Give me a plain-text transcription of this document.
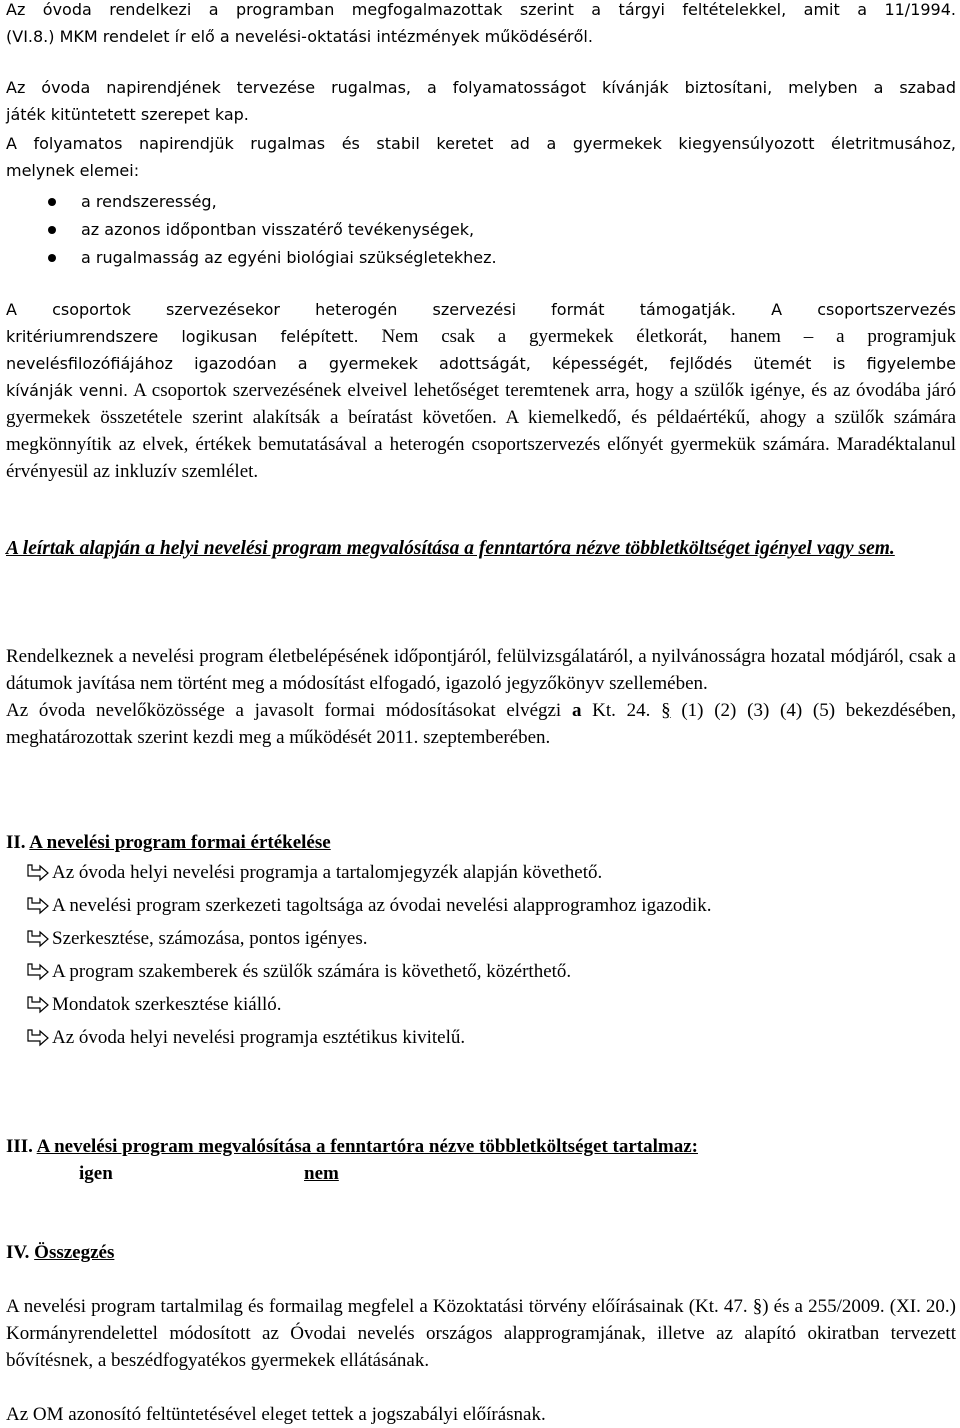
Az óvoda rendelkezi a programban megfogalmazottak szerint a tárgyi feltételekkel, amit a 11/1994.
(VI.8.) MKM rendelet ír elő a nevelési-oktatási intézmények működéséről.
Az óvoda napirendjének tervezése rugalmas, a folyamatosságot kívánják biztosítani, melyben a szabad
játék kitüntetett szerepet kap.
A folyamatos napirendjük rugalmas és stabil keretet ad a gyermekek kiegyensúlyozott életritmusához,
melynek elemei:
a rendszeresség,
az azonos időpontban visszatérő tevékenységek,
a rugalmasság az egyéni biológiai szükségletekhez.
A csoportok szervezésekor heterogén szervezési formát támogatják. A csoportszervezés
kritériumrendszere logikusan felépített. Nem csak a gyermekek életkorát, hanem – a programjuk
nevelésfilozófiájához igazodóan a gyermekek adottságát, képességét, fejlődés ütemét is figyelembe

kívánják venni. A csoportok szervezésének elveivel lehetőséget teremtenek arra, hogy a szülők igénye, és az óvodába járó gyermekek összetétele szerint alakítsák a beíratást követően. A kiemelkedő, és példaértékű, ahogy a szülők számára megkönnyítik az elvek, értékek bemutatásával a heterogén csoportszervezés előnyét gyermekük számára. Maradéktalanul érvényesül az inkluzív szemlélet.

A leírtak alapján a helyi nevelési program megvalósítása a fenntartóra nézve többletköltséget igényel vagy sem.

Rendelkeznek a nevelési program életbelépésének időpontjáról, felülvizsgálatáról, a nyilvánosságra hozatal módjáról, csak a dátumok javítása nem történt meg a módosítást elfogadó, igazoló jegyzőkönyv szellemében.

Az óvoda nevelőközössége a javasolt formai módosításokat elvégzi a Kt. 24. § (1) (2) (3) (4) (5) bekezdésében, meghatározottak szerint kezdi meg a működését 2011. szeptemberében.

II. A nevelési program formai értékelése

Az óvoda helyi nevelési programja a tartalomjegyzék alapján követhető.
A nevelési program szerkezeti tagoltsága az óvodai nevelési alapprogramhoz igazodik.
Szerkesztése, számozása, pontos igényes.
A program szakemberek és szülők számára is követhető, közérthető.
Mondatok szerkesztése kiálló.
Az óvoda helyi nevelési programja esztétikus kivitelű.

III. A nevelési program megvalósítása a fenntartóra nézve többletköltséget tartalmaz:

igen	nem

IV. Összegzés

A nevelési program tartalmilag és formailag megfelel a Közoktatási törvény előírásainak (Kt. 47. §) és a 255/2009. (XI. 20.) Kormányrendelettel módosított az Óvodai nevelés országos alapprogramjának, illetve az alapító okiratban tervezett bővítésnek, a beszédfogyatékos gyermekek ellátásának.

Az OM azonosító feltüntetésével eleget tettek a jogszabályi előírásnak.
